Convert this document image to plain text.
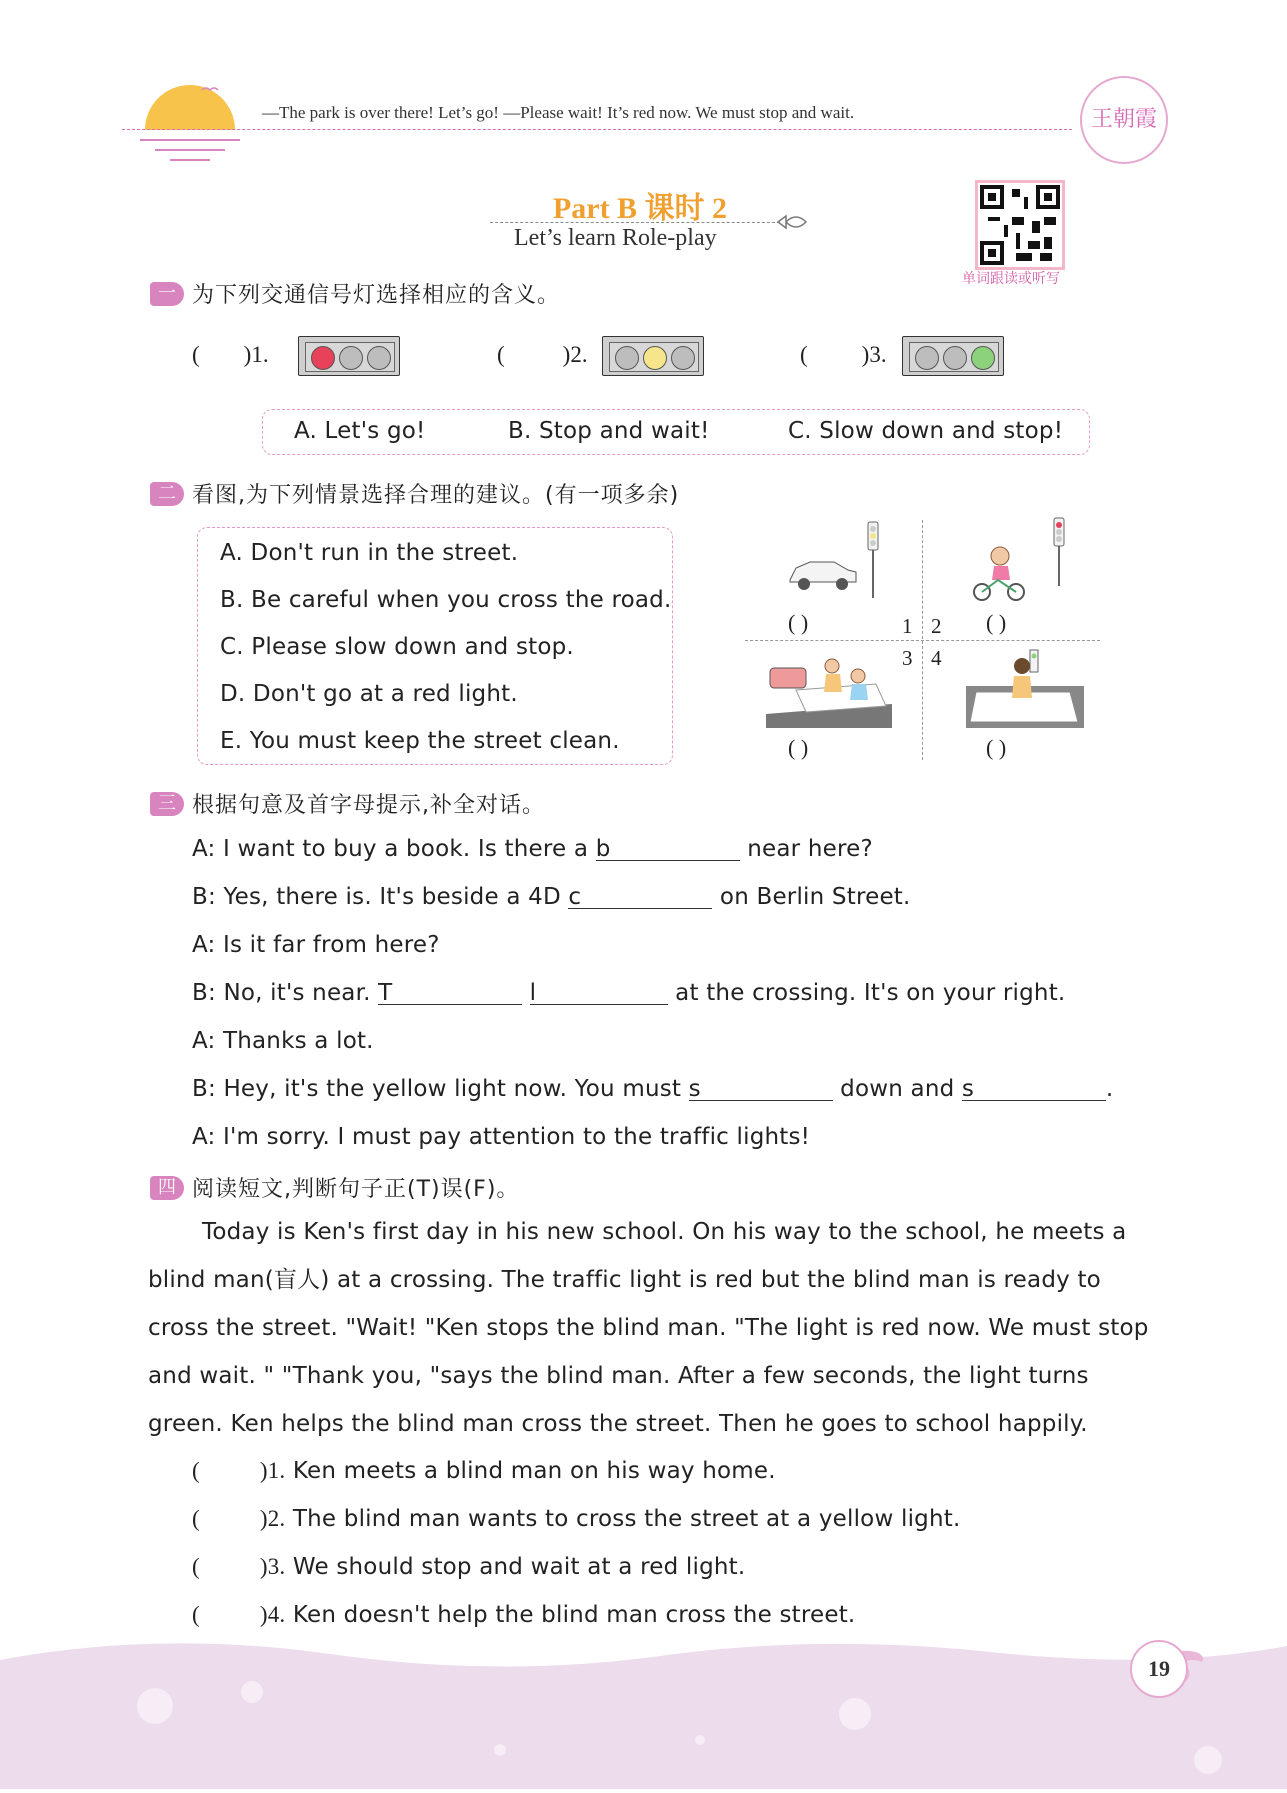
—The park is over there! Let’s go! —Please wait! It’s red now. We must stop and wait.	王朝霞
Part B 课时 2
Let’s learn Role-play
单词跟读或听写
一 为下列交通信号灯选择相应的含义。
( )1.	(	)2.	( )3.
A. Let's go!	B. Stop and wait!	C. Slow down and stop!
二 看图,为下列情景选择合理的建议。(有一项多余)
A. Don't run in the street.
B. Be careful when you cross the road.
C. Please slow down and stop.
D. Don't go at a red light.
E. You must keep the street clean.
( )	( )
( )	( )
1 2
3 4
三 根据句意及首字母提示,补全对话。
A: I want to buy a book. Is there a b	near here?
B: Yes, there is. It's beside a 4D c	on Berlin Street.
A: Is it far from here?
B: No, it's near. T	l	at the crossing. It's on your right.
A: Thanks a lot.
B: Hey, it's the yellow light now. You must s	down and s	.
A: I'm sorry. I must pay attention to the traffic lights!
四 阅读短文,判断句子正(T)误(F)。
Today is Ken's first day in his new school. On his way to the school, he meets a
blind man(盲人) at a crossing. The traffic light is red but the blind man is ready to
cross the street. "Wait! "Ken stops the blind man. "The light is red now. We must stop
and wait. " "Thank you, "says the blind man. After a few seconds, the light turns
green. Ken helps the blind man cross the street. Then he goes to school happily.
(	)1. Ken meets a blind man on his way home.
(	)2. The blind man wants to cross the street at a yellow light.
(	)3. We should stop and wait at a red light.
(	)4. Ken doesn't help the blind man cross the street.
19
